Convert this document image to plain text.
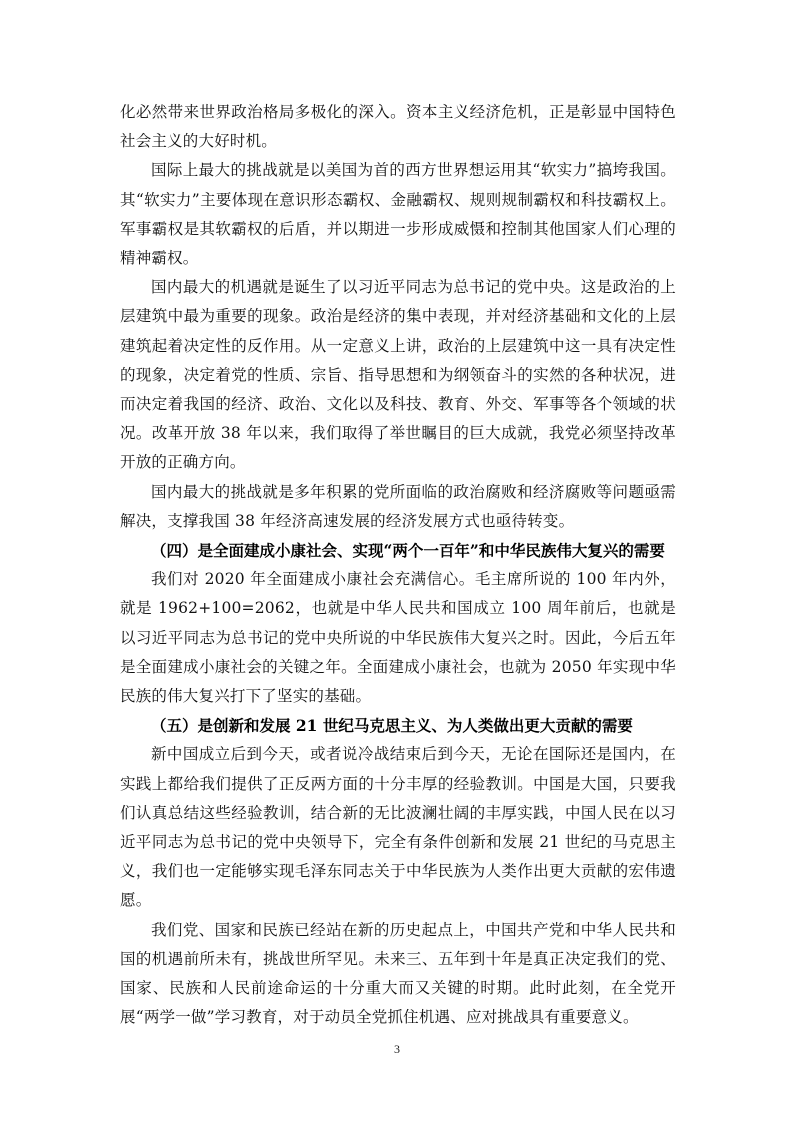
化必然带来世界政治格局多极化的深入。资本主义经济危机，正是彰显中国特色社会主义的大好时机。

国际上最大的挑战就是以美国为首的西方世界想运用其“软实力”搞垮我国。其“软实力”主要体现在意识形态霸权、金融霸权、规则规制霸权和科技霸权上。军事霸权是其软霸权的后盾，并以期进一步形成威慑和控制其他国家人们心理的精神霸权。

国内最大的机遇就是诞生了以习近平同志为总书记的党中央。这是政治的上层建筑中最为重要的现象。政治是经济的集中表现，并对经济基础和文化的上层建筑起着决定性的反作用。从一定意义上讲，政治的上层建筑中这一具有决定性的现象，决定着党的性质、宗旨、指导思想和为纲领奋斗的实然的各种状况，进而决定着我国的经济、政治、文化以及科技、教育、外交、军事等各个领域的状况。改革开放 38 年以来，我们取得了举世瞩目的巨大成就，我党必须坚持改革开放的正确方向。

国内最大的挑战就是多年积累的党所面临的政治腐败和经济腐败等问题亟需解决，支撑我国 38 年经济高速发展的经济发展方式也亟待转变。

（四）是全面建成小康社会、实现“两个一百年”和中华民族伟大复兴的需要

我们对 2020 年全面建成小康社会充满信心。毛主席所说的 100 年内外，就是 1962+100=2062，也就是中华人民共和国成立 100 周年前后，也就是以习近平同志为总书记的党中央所说的中华民族伟大复兴之时。因此，今后五年是全面建成小康社会的关键之年。全面建成小康社会，也就为 2050 年实现中华民族的伟大复兴打下了坚实的基础。

（五）是创新和发展 21 世纪马克思主义、为人类做出更大贡献的需要

新中国成立后到今天，或者说冷战结束后到今天，无论在国际还是国内，在实践上都给我们提供了正反两方面的十分丰厚的经验教训。中国是大国，只要我们认真总结这些经验教训，结合新的无比波澜壮阔的丰厚实践，中国人民在以习近平同志为总书记的党中央领导下，完全有条件创新和发展 21 世纪的马克思主义，我们也一定能够实现毛泽东同志关于中华民族为人类作出更大贡献的宏伟遗愿。

我们党、国家和民族已经站在新的历史起点上，中国共产党和中华人民共和国的机遇前所未有，挑战世所罕见。未来三、五年到十年是真正决定我们的党、国家、民族和人民前途命运的十分重大而又关键的时期。此时此刻，在全党开展“两学一做”学习教育，对于动员全党抓住机遇、应对挑战具有重要意义。

3
